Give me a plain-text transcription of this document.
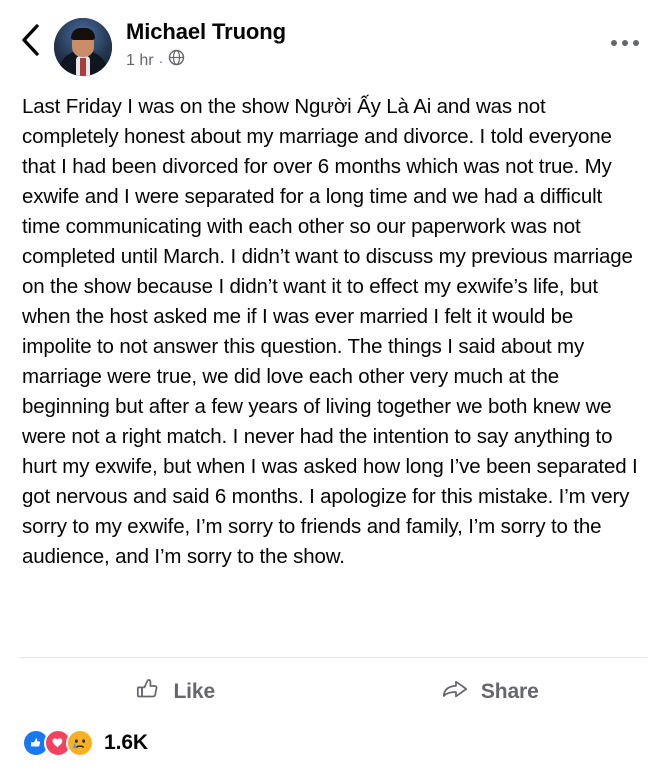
Michael Truong
1 hr ·
Last Friday I was on the show Người Ấy Là Ai and was not completely honest about my marriage and divorce. I told everyone that I had been divorced for over 6 months which was not true. My exwife and I were separated for a long time and we had a difficult time communicating with each other so our paperwork was not completed until March. I didn’t want to discuss my previous marriage on the show because I didn’t want it to effect my exwife’s life, but when the host asked me if I was ever married I felt it would be impolite to not answer this question. The things I said about my marriage were true, we did love each other very much at the beginning but after a few years of living together we both knew we were not a right match. I never had the intention to say anything to hurt my exwife, but when I was asked how long I’ve been separated I got nervous and said 6 months. I apologize for this mistake. I’m very sorry to my exwife, I’m sorry to friends and family, I’m sorry to the audience, and I’m sorry to the show.
Like	Share
1.6K
